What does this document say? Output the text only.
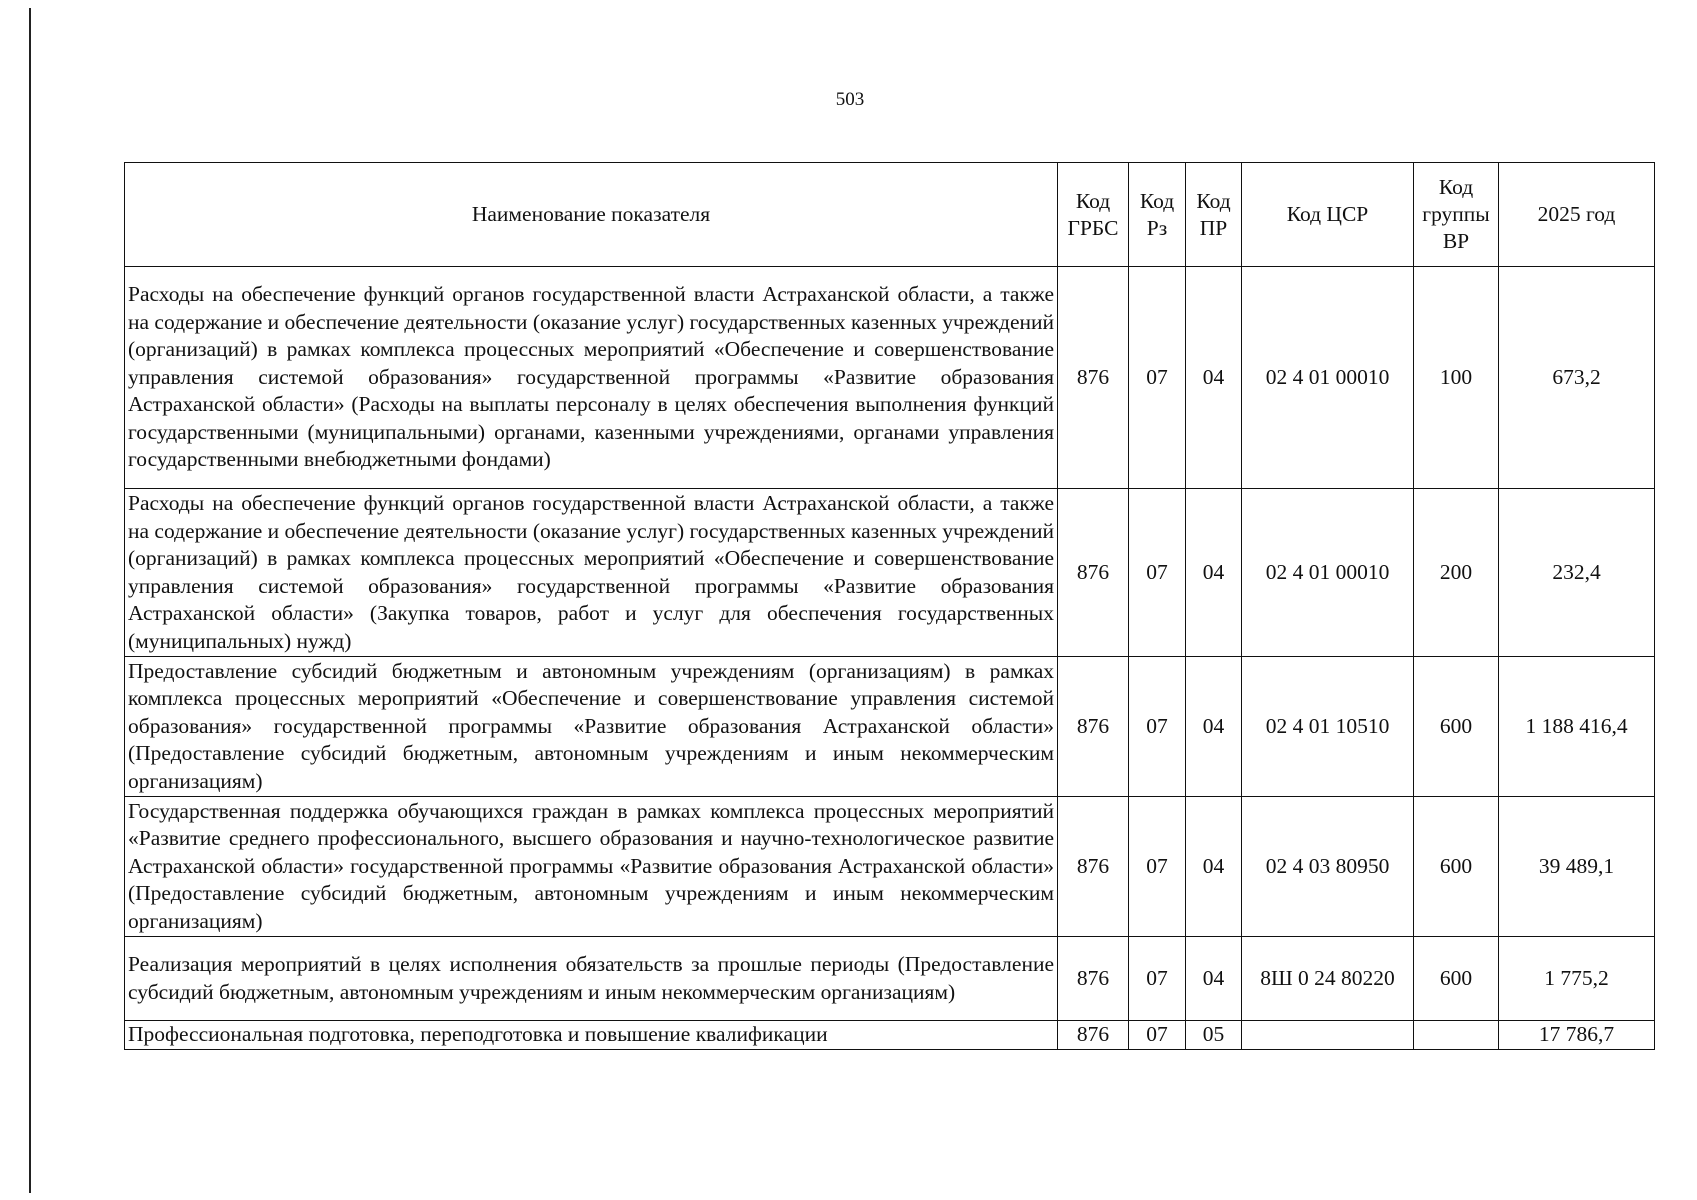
503
Наименование показателя	Код ГРБС	Код Рз	Код ПР	Код ЦСР	Код группы ВР	2025 год
Расходы на обеспечение функций органов государственной власти Астраханской области, а также на содержание и обеспечение деятельности (оказание услуг) государственных казенных учреждений (организаций) в рамках комплекса процессных мероприятий «Обеспечение и совершенствование управления системой образования» государственной программы «Развитие образования Астраханской области» (Расходы на выплаты персоналу в целях обеспечения выполнения функций государственными (муниципальными) органами, казенными учреждениями, органами управления государственными внебюджетными фондами)	876	07	04	02 4 01 00010	100	673,2
Расходы на обеспечение функций органов государственной власти Астраханской области, а также на содержание и обеспечение деятельности (оказание услуг) государственных казенных учреждений (организаций) в рамках комплекса процессных мероприятий «Обеспечение и совершенствование управления системой образования» государственной программы «Развитие образования Астраханской области» (Закупка товаров, работ и услуг для обеспечения государственных (муниципальных) нужд)	876	07	04	02 4 01 00010	200	232,4
Предоставление субсидий бюджетным и автономным учреждениям (организациям) в рамках комплекса процессных мероприятий «Обеспечение и совершенствование управления системой образования» государственной программы «Развитие образования Астраханской области» (Предоставление субсидий бюджетным, автономным учреждениям и иным некоммерческим организациям)	876	07	04	02 4 01 10510	600	1 188 416,4
Государственная поддержка обучающихся граждан в рамках комплекса процессных мероприятий «Развитие среднего профессионального, высшего образования и научно-технологическое развитие Астраханской области» государственной программы «Развитие образования Астраханской области» (Предоставление субсидий бюджетным, автономным учреждениям и иным некоммерческим организациям)	876	07	04	02 4 03 80950	600	39 489,1
Реализация мероприятий в целях исполнения обязательств за прошлые периоды (Предоставление субсидий бюджетным, автономным учреждениям и иным некоммерческим организациям)	876	07	04	8Ш 0 24 80220	600	1 775,2
Профессиональная подготовка, переподготовка и повышение квалификации	876	07	05			17 786,7
